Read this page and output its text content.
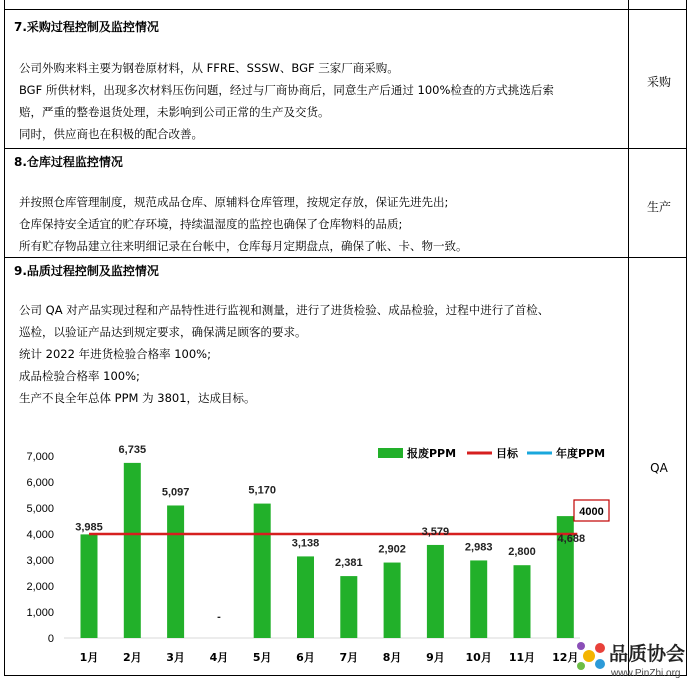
7.采购过程控制及监控情况
公司外购来料主要为钢卷原材料，从 FFRE、SSSW、BGF 三家厂商采购。
BGF 所供材料，出现多次材料压伤问题，经过与厂商协商后，同意生产后通过 100%检查的方式挑选后索
赔，严重的整卷退货处理，未影响到公司正常的生产及交货。
同时，供应商也在积极的配合改善。
采购
8.仓库过程监控情况
并按照仓库管理制度，规范成品仓库、原辅料仓库管理，按规定存放，保证先进先出;
仓库保持安全适宜的贮存环境，持续温湿度的监控也确保了仓库物料的品质;
所有贮存物品建立往来明细记录在台帐中，仓库每月定期盘点，确保了帐、卡、物一致。
生产
9.品质过程控制及监控情况
公司 QA 对产品实现过程和产品特性进行监视和测量，进行了进货检验、成品检验，过程中进行了首检、
巡检，以验证产品达到规定要求，确保满足顾客的要求。
统计 2022 年进货检验合格率 100%;
成品检验合格率 100%;
生产不良全年总体 PPM 为 3801，达成目标。
QA
0
1,000
2,000
3,000
4,000
5,000
6,000
7,000
1月 2月 3月 4月 5月 6月 7月 8月 9月 10月 11月 12月
3,985
6,735
5,097
-
5,170
3,138
2,381
2,902
3,579
2,983 2,800
4,688
4000
报废PPM	目标	年度PPM
品质协会
www.PinZhi.org
